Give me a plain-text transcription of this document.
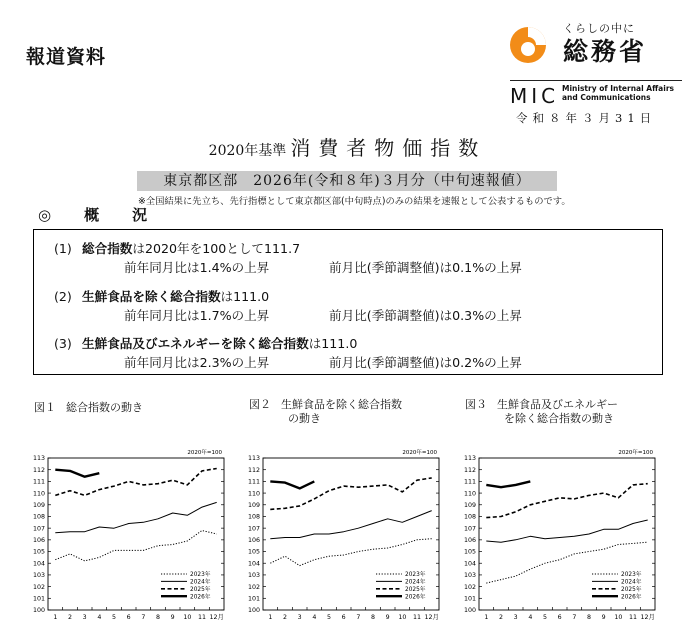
報道資料
くらしの中に
総務省
MIC Ministry of Internal Affairs
and Communications
令和８年３月31日
2020年基準 消費者物価指数
東京都区部　2026年(令和８年)３月分（中旬速報値）
※全国結果に先立ち、先行指標として東京都区部(中旬時点)のみの結果を速報として公表するものです。
◎　概　況
(1) 総合指数は2020年を100として111.7
前年同月比は1.4%の上昇	前月比(季節調整値)は0.1%の上昇
(2) 生鮮食品を除く総合指数は111.0
前年同月比は1.7%の上昇	前月比(季節調整値)は0.3%の上昇
(3) 生鮮食品及びエネルギーを除く総合指数は111.0
前年同月比は2.3%の上昇	前月比(季節調整値)は0.2%の上昇
図１ 総合指数の動き	図２ 生鮮食品を除く総合指数
の動き
図３ 生鮮食品及びエネルギー
を除く総合指数の動き
2020年=100
113
112
111
110
109
108
107
106
105
104
103
102
101
100
1 2 3 4 5 6 7 8 9 10 11 12月
2023年
2024年
2025年
2026年
2020年=100
113
112
111
110
109
108
107
106
105
104
103
102
101
100
1 2 3 4 5 6 7 8 9 10 11 12月
2023年
2024年
2025年
2026年
2020年=100
113
112
111
110
109
108
107
106
105
104
103
102
101
100
1 2 3 4 5 6 7 8 9 10 11 12月
2023年
2024年
2025年
2026年
